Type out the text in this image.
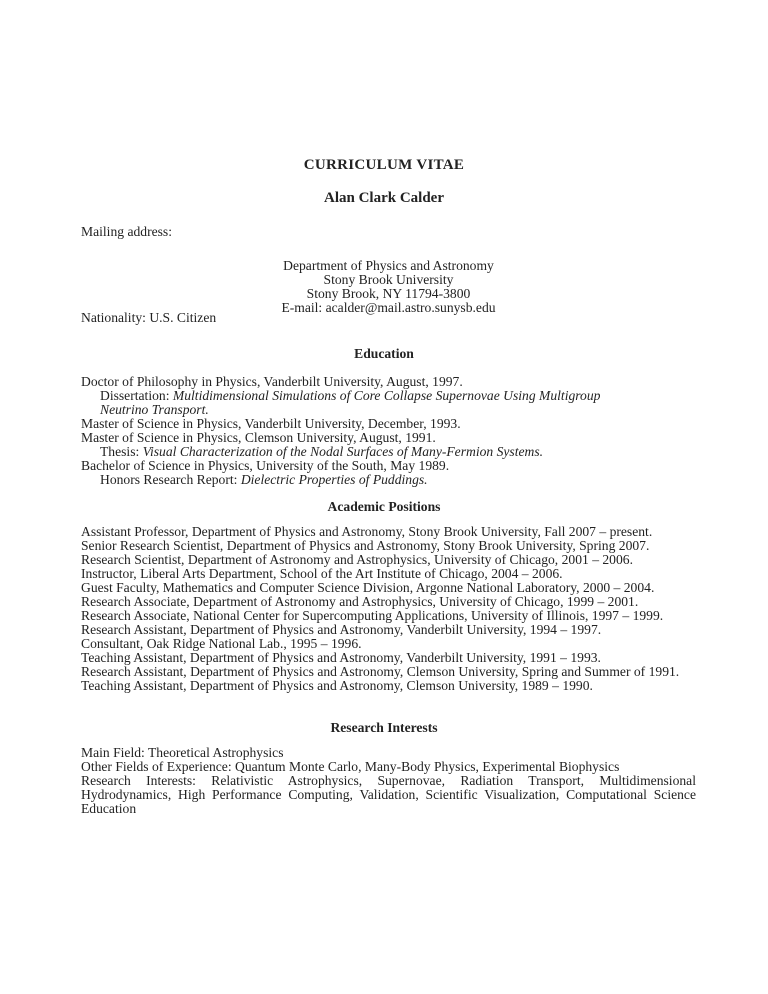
CURRICULUM VITAE
Alan Clark Calder
Mailing address:
Department of Physics and Astronomy
Stony Brook University
Stony Brook, NY 11794-3800
E-mail: acalder@mail.astro.sunysb.edu
Nationality: U.S. Citizen
Education
Doctor of Philosophy in Physics, Vanderbilt University, August, 1997.
Dissertation: Multidimensional Simulations of Core Collapse Supernovae Using Multigroup
Neutrino Transport.
Master of Science in Physics, Vanderbilt University, December, 1993.
Master of Science in Physics, Clemson University, August, 1991.
Thesis: Visual Characterization of the Nodal Surfaces of Many-Fermion Systems.
Bachelor of Science in Physics, University of the South, May 1989.
Honors Research Report: Dielectric Properties of Puddings.
Academic Positions
Assistant Professor, Department of Physics and Astronomy, Stony Brook University, Fall 2007 – present.
Senior Research Scientist, Department of Physics and Astronomy, Stony Brook University, Spring 2007.
Research Scientist, Department of Astronomy and Astrophysics, University of Chicago, 2001 – 2006.
Instructor, Liberal Arts Department, School of the Art Institute of Chicago, 2004 – 2006.
Guest Faculty, Mathematics and Computer Science Division, Argonne National Laboratory, 2000 – 2004.
Research Associate, Department of Astronomy and Astrophysics, University of Chicago, 1999 – 2001.
Research Associate, National Center for Supercomputing Applications, University of Illinois, 1997 – 1999.
Research Assistant, Department of Physics and Astronomy, Vanderbilt University, 1994 – 1997.
Consultant, Oak Ridge National Lab., 1995 – 1996.
Teaching Assistant, Department of Physics and Astronomy, Vanderbilt University, 1991 – 1993.
Research Assistant, Department of Physics and Astronomy, Clemson University, Spring and Summer of 1991.
Teaching Assistant, Department of Physics and Astronomy, Clemson University, 1989 – 1990.
Research Interests
Main Field: Theoretical Astrophysics
Other Fields of Experience: Quantum Monte Carlo, Many-Body Physics, Experimental Biophysics
Research Interests: Relativistic Astrophysics, Supernovae, Radiation Transport, Multidimensional Hydrodynamics, High Performance Computing, Validation, Scientific Visualization, Computational Science Education
